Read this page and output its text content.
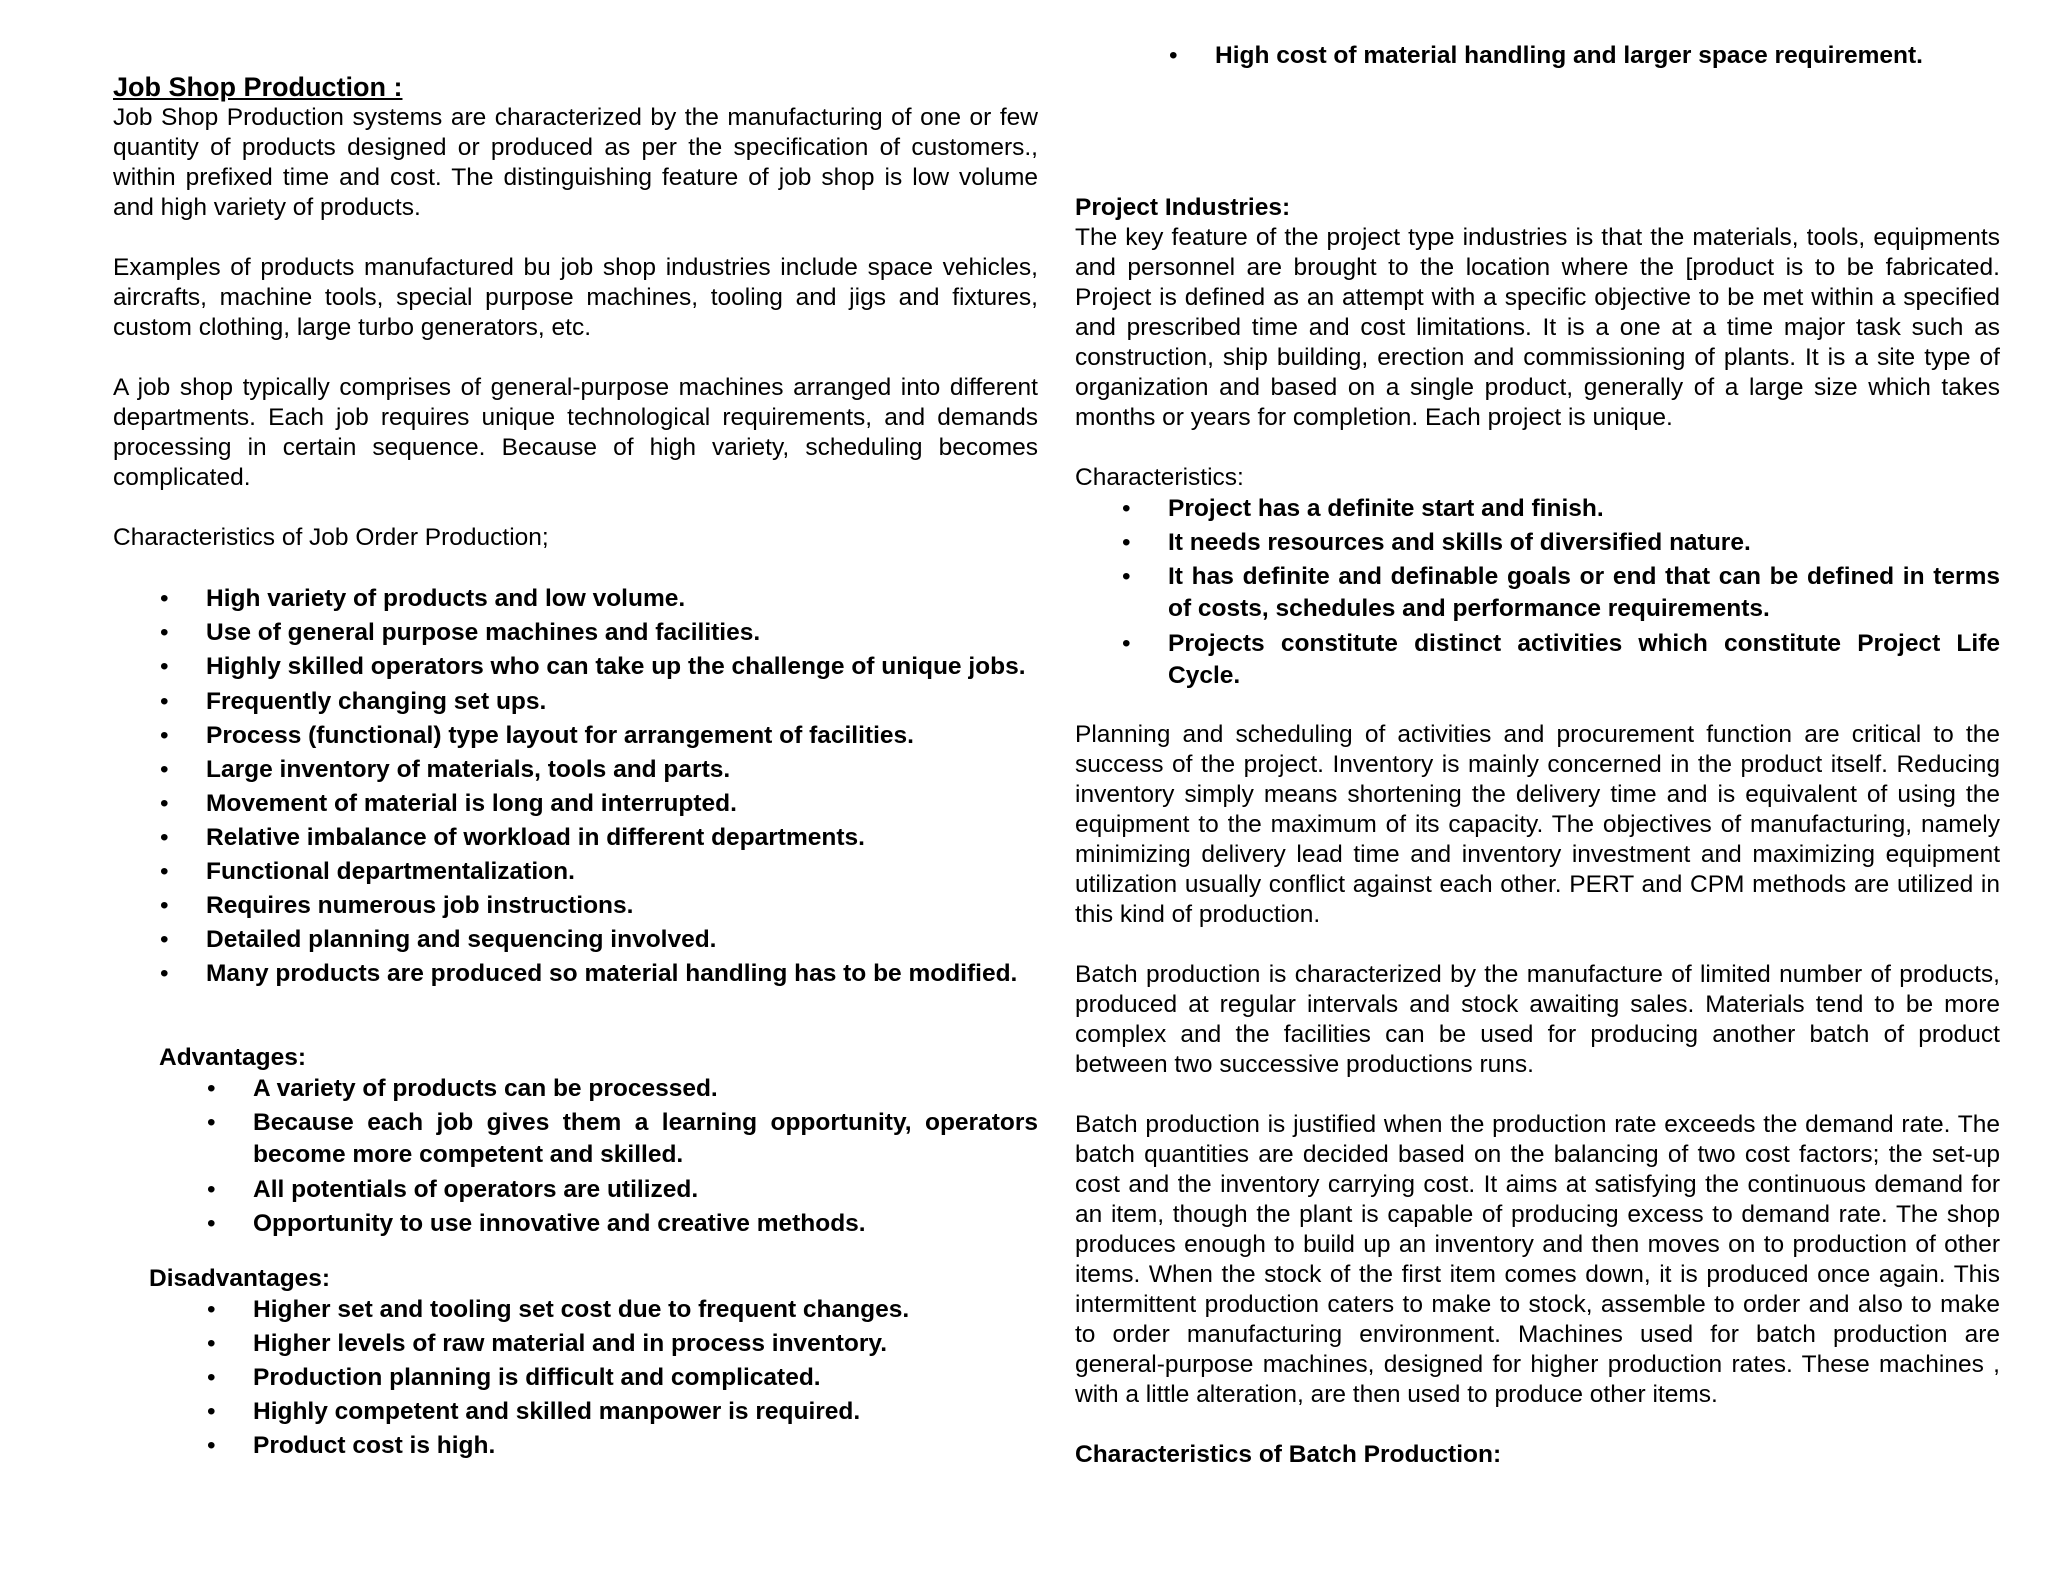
Job Shop Production :

Job Shop Production systems are characterized by the manufacturing of one or few quantity of products designed or produced as per the specification of customers., within prefixed time and cost. The distinguishing feature of job shop is low volume and high variety of products.

Examples of products manufactured bu job shop industries include space vehicles, aircrafts, machine tools, special purpose machines, tooling and jigs and fixtures, custom clothing, large turbo generators, etc.

A job shop typically comprises of general-purpose machines arranged into different departments. Each job requires unique technological requirements, and demands processing in certain sequence. Because of high variety, scheduling becomes complicated.

Characteristics of Job Order Production;

• High variety of products and low volume.
• Use of general purpose machines and facilities.
• Highly skilled operators who can take up the challenge of unique jobs.
• Frequently changing set ups.
• Process (functional) type layout for arrangement of facilities.
• Large inventory of materials, tools and parts.
• Movement of material is long and interrupted.
• Relative imbalance of workload in different departments.
• Functional departmentalization.
• Requires numerous job instructions.
• Detailed planning and sequencing involved.
• Many products are produced so material handling has to be modified.
Advantages:
• A variety of products can be processed.
• Because each job gives them a learning opportunity, operators become more competent and skilled.
• All potentials of operators are utilized.
• Opportunity to use innovative and creative methods.
Disadvantages:
• Higher set and tooling set cost due to frequent changes.
• Higher levels of raw material and in process inventory.
• Production planning is difficult and complicated.
• Highly competent and skilled manpower is required.
• Product cost is high.
• High cost of material handling and larger space requirement.
Project Industries:

The key feature of the project type industries is that the materials, tools, equipments and personnel are brought to the location where the [product is to be fabricated. Project is defined as an attempt with a specific objective to be met within a specified and prescribed time and cost limitations. It is a one at a time major task such as construction, ship building, erection and commissioning of plants. It is a site type of organization and based on a single product, generally of a large size which takes months or years for completion. Each project is unique.

Characteristics:

• Project has a definite start and finish.
• It needs resources and skills of diversified nature.
• It has definite and definable goals or end that can be defined in terms of costs, schedules and performance requirements.
• Projects constitute distinct activities which constitute Project Life Cycle.

Planning and scheduling of activities and procurement function are critical to the success of the project. Inventory is mainly concerned in the product itself. Reducing inventory simply means shortening the delivery time and is equivalent of using the equipment to the maximum of its capacity. The objectives of manufacturing, namely minimizing delivery lead time and inventory investment and maximizing equipment utilization usually conflict against each other. PERT and CPM methods are utilized in this kind of production.

Batch production is characterized by the manufacture of limited number of products, produced at regular intervals and stock awaiting sales. Materials tend to be more complex and the facilities can be used for producing another batch of product between two successive productions runs.

Batch production is justified when the production rate exceeds the demand rate. The batch quantities are decided based on the balancing of two cost factors; the set-up cost and the inventory carrying cost. It aims at satisfying the continuous demand for an item, though the plant is capable of producing excess to demand rate. The shop produces enough to build up an inventory and then moves on to production of other items. When the stock of the first item comes down, it is produced once again. This intermittent production caters to make to stock, assemble to order and also to make to order manufacturing environment. Machines used for batch production are general-purpose machines, designed for higher production rates. These machines , with a little alteration, are then used to produce other items.

Characteristics of Batch Production:
